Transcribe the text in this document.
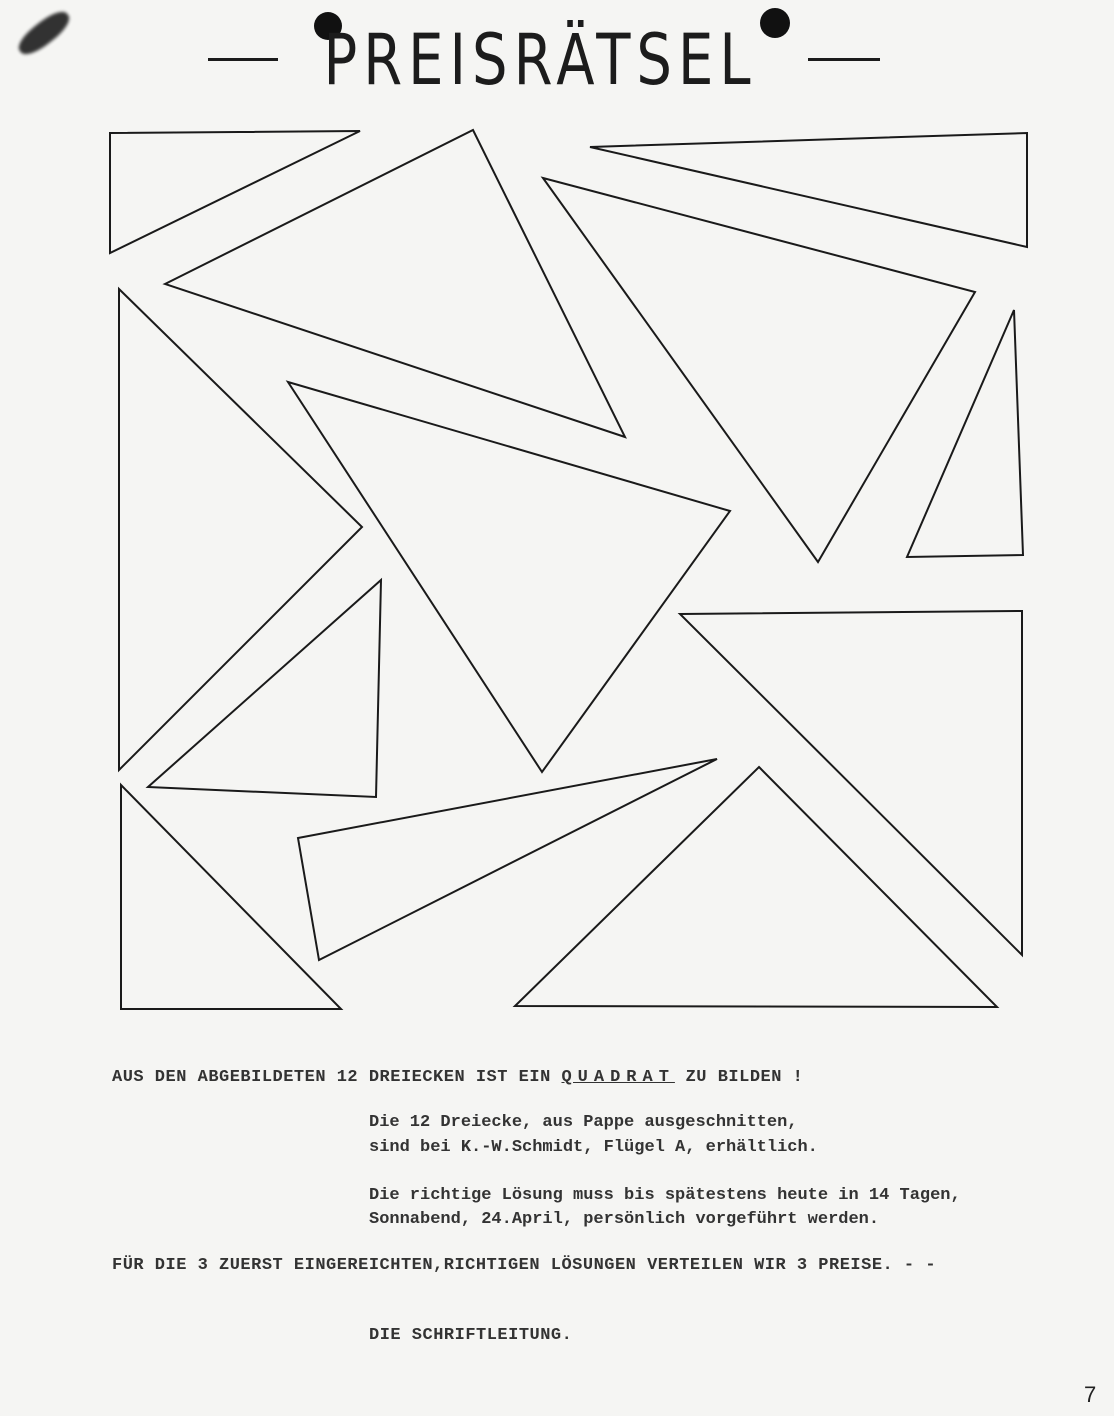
PREISRÄTSEL
AUS DEN ABGEBILDETEN 12 DREIECKEN IST EIN QUADRAT ZU BILDEN !
Die 12 Dreiecke, aus Pappe ausgeschnitten,
sind bei K.-W.Schmidt, Flügel A, erhältlich.
Die richtige Lösung muss bis spätestens heute in 14 Tagen,
Sonnabend, 24.April, persönlich vorgeführt werden.
FÜR DIE 3 ZUERST EINGEREICHTEN,RICHTIGEN LÖSUNGEN VERTEILEN WIR 3 PREISE. - -
DIE SCHRIFTLEITUNG.
7
